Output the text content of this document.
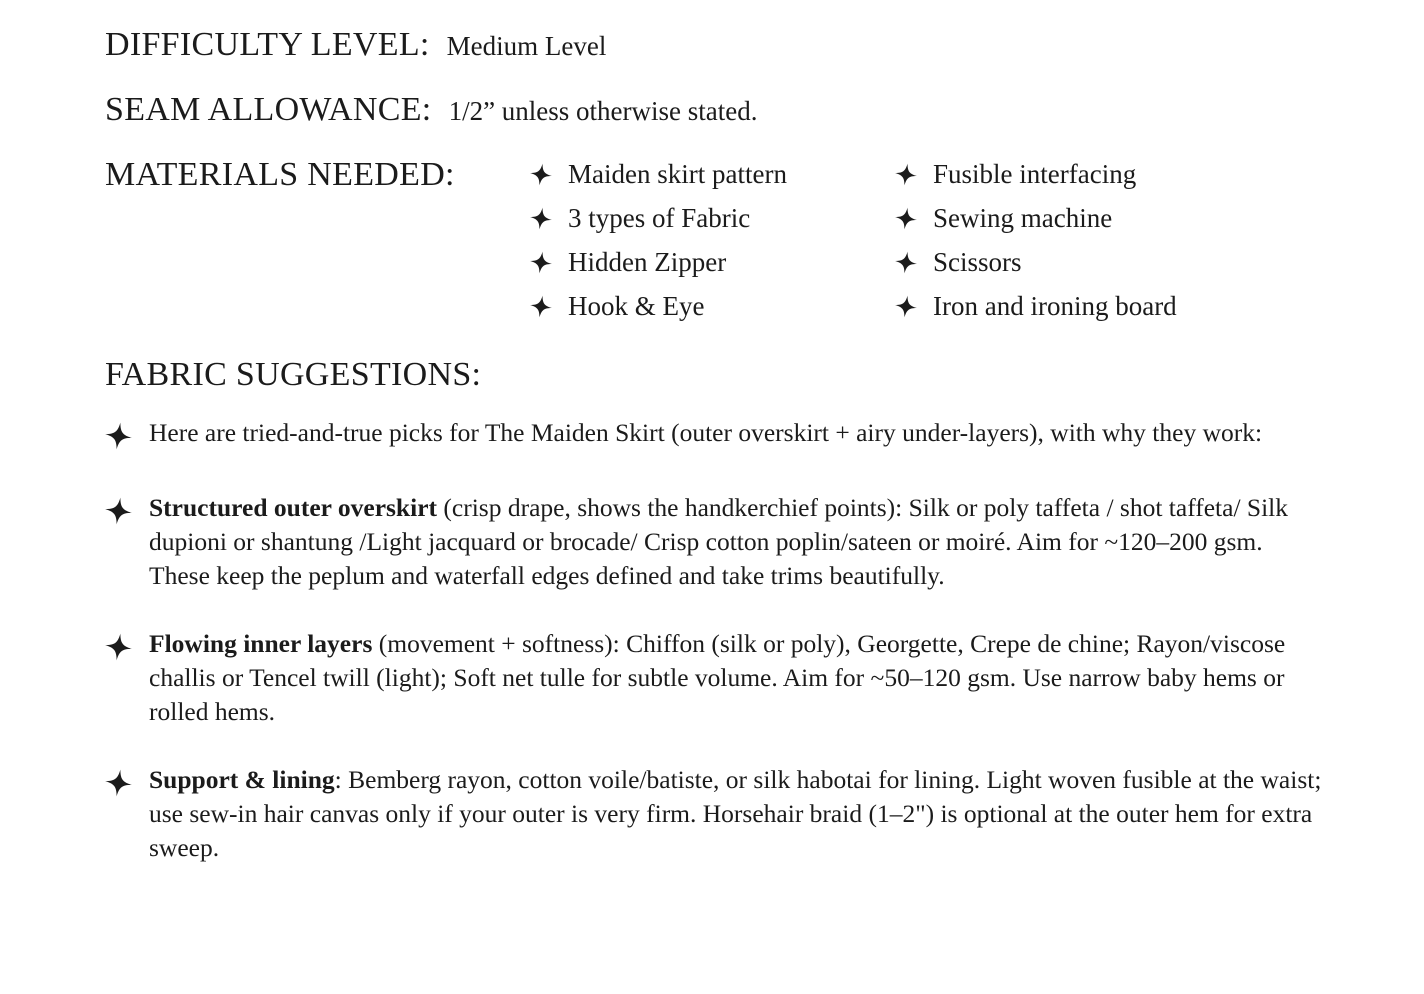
DIFFICULTY LEVEL: Medium Level
SEAM ALLOWANCE: 1/2” unless otherwise stated.
MATERIALS NEEDED:	Maiden skirt pattern
3 types of Fabric
Hidden Zipper
Hook & Eye
Fusible interfacing
Sewing machine
Scissors
Iron and ironing board
FABRIC SUGGESTIONS:

Here are tried-and-true picks for The Maiden Skirt (outer overskirt + airy under-layers), with why they work:

Structured outer overskirt (crisp drape, shows the handkerchief points): Silk or poly taffeta / shot taffeta/ Silk dupioni or shantung /Light jacquard or brocade/ Crisp cotton poplin/sateen or moiré. Aim for ~120–200 gsm. These keep the peplum and waterfall edges defined and take trims beautifully.

Flowing inner layers (movement + softness): Chiffon (silk or poly), Georgette, Crepe de chine; Rayon/viscose challis or Tencel twill (light); Soft net tulle for subtle volume. Aim for ~50–120 gsm. Use narrow baby hems or rolled hems.

Support & lining: Bemberg rayon, cotton voile/batiste, or silk habotai for lining. Light woven fusible at the waist; use sew-in hair canvas only if your outer is very firm. Horsehair braid (1–2") is optional at the outer hem for extra sweep.
